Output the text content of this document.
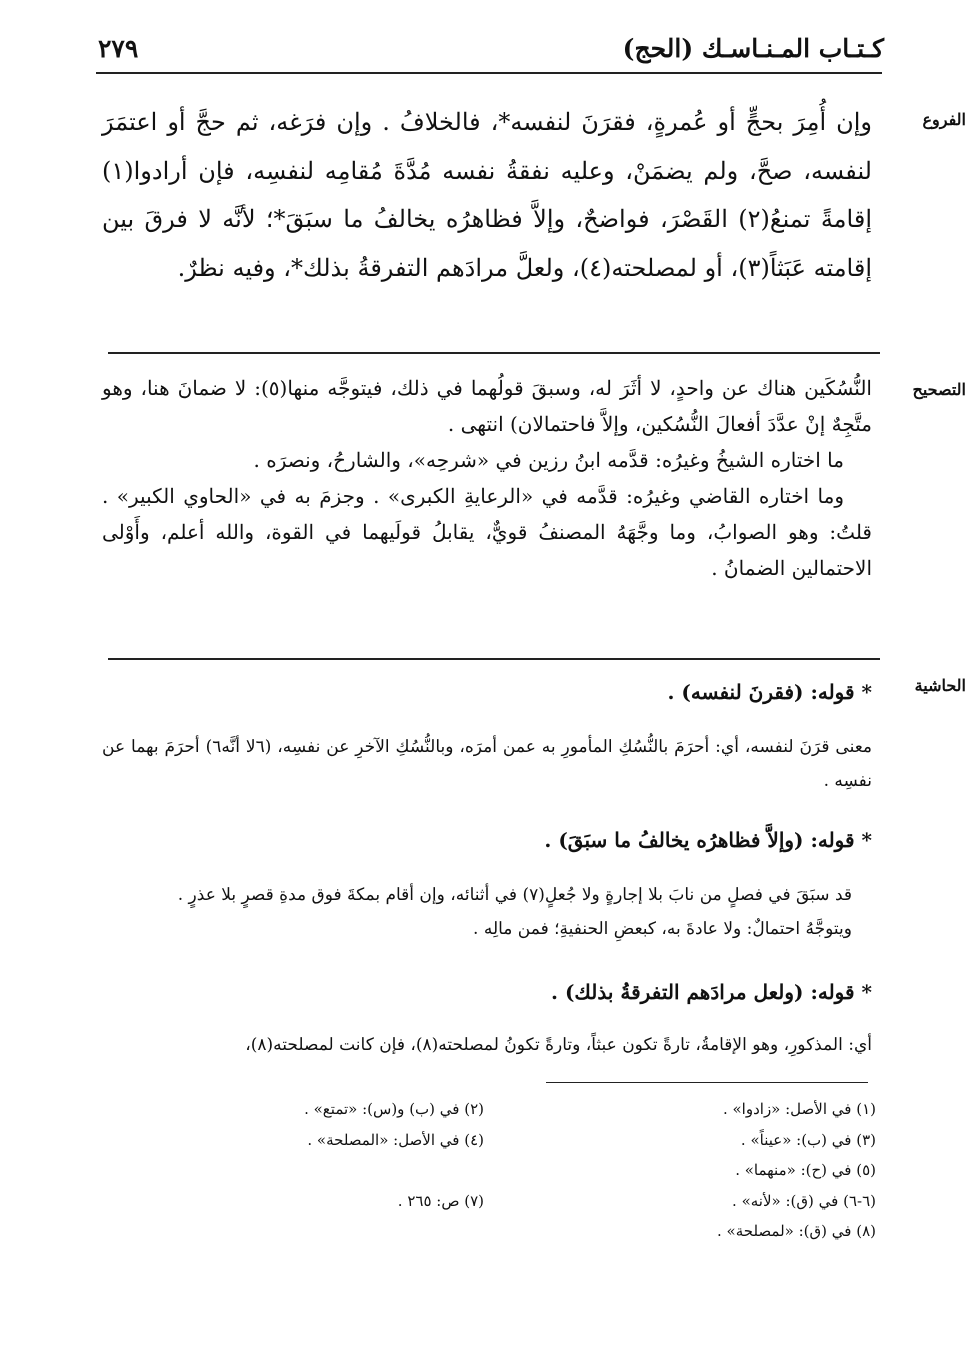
كـتـاب المـنـاسـك (الحج)
٢٧٩
الفروع
التصحيح
الحاشية
وإن أُمِرَ بحجٍّ أو عُمرةٍ، فقرَنَ لنفسه*، فالخلافُ . وإن فرَغه، ثم حجَّ أو اعتمَرَ لنفسه، صحَّ، ولم يضمَنْ، وعليه نفقةُ نفسه مُدَّةَ مُقامِه لنفسِه، فإن أرادوا(١) إقامةً تمنعُ(٢) القَصْرَ، فواضحٌ، وإلاَّ فظاهرُه يخالفُ ما سبَقَ*؛ لأنَّه لا فرقَ بين إقامته عَبَثاً(٣)، أو لمصلحته(٤)، ولعلَّ مرادَهم التفرقةُ بذلك*، وفيه نظرٌ.

النُّسُكَين هناك عن واحدٍ، لا أثَرَ له، وسبقَ قولُهما في ذلك، فيتوجَّه منها(٥): لا ضمانَ هنا، وهو متَّجِهٌ إنْ عدَّدَ أفعالَ النُّسُكين، وإلاَّ فاحتمالان) انتهى .

ما اختاره الشيخُ وغيرُه: قدَّمه ابنُ رزين في «شرحِه»، والشارحُ، ونصرَه .

وما اختاره القاضي وغيرُه: قدَّمه في «الرعايةِ الكبرى» . وجزمَ به في «الحاوي الكبير» . قلتُ: وهو الصوابُ، وما وجَّهَهُ المصنفُ قويٌّ، يقابلُ قولَيهما في القوة، والله أعلم، وأَوْلى الاحتمالين الضمانُ .

* قوله: (فقرنَ لنفسه) .

معنى قرَنَ لنفسه، أي: أحرَمَ بالنُّسُكِ المأمورِ به عمن أمرَه، وبالنُّسُكِ الآخرِ عن نفسِه، (٦لا أنَّه٦) أحرَمَ بهما عن نفسِه .

* قوله: (وإلاَّ فظاهرُه يخالفُ ما سبَقَ) .

قد سبَقَ في فصلٍ من نابَ بلا إجارةٍ ولا جُعلٍ(٧) في أثنائه، وإن أقام بمكةَ فوق مدةِ قصرٍ بلا عذرٍ .

ويتوجَّهُ احتمالٌ: ولا عادةَ به، كبعضِ الحنفيةِ؛ فمن مالِه .

* قوله: (ولعل مرادَهم التفرقةُ بذلك) .

أي: المذكورِ، وهو الإقامةُ، تارةً تكون عبثاً، وتارةً تكونُ لمصلحته(٨)، فإن كانت لمصلحته(٨)،

(١) في الأصل: «زادوا» .
(٣) في (ب): «عيناً» .
(٥) في (ح): «منهما» .
(٦-٦) في (ق): «لأنه» .
(٨) في (ق): «لمصلحة» .
(٢) في (ب) و(س): «تمتع» .
(٤) في الأصل: «المصلحة» .
(٧) ص: ٢٦٥ .
